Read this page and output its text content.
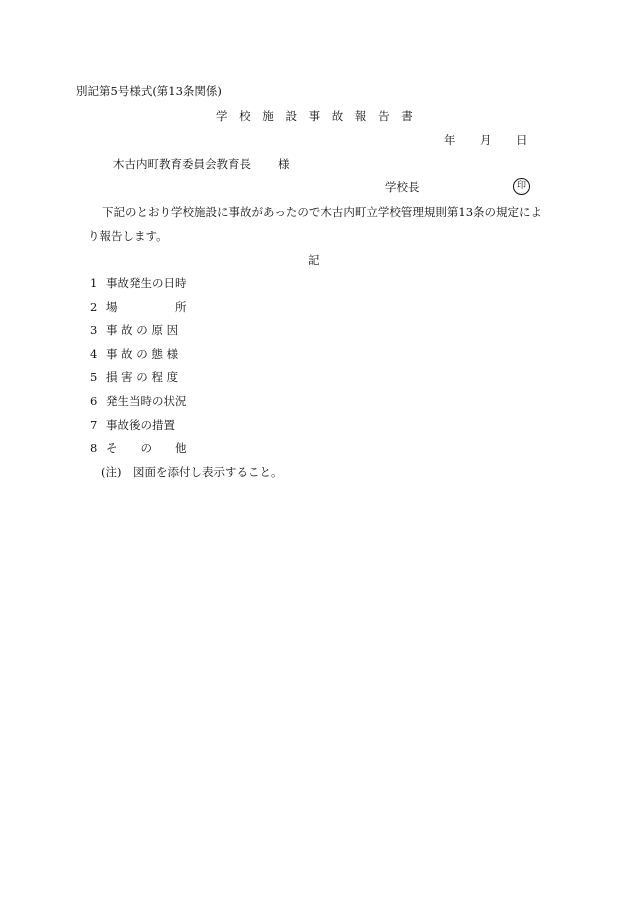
別記第5号様式(第13条関係)
学 校 施 設 事 故 報 告 書
年 月 日
木古内町教育委員会教育長 様
学校長	印
下記のとおり学校施設に事故があったので木古内町立学校管理規則第13条の規定によ
り報告します。
記
1 事故発生の日時
2 場　　　　　所
3 事 故 の 原 因
4 事 故 の 態 様
5 損 害 の 程 度
6 発生当時の状況
7 事故後の措置
8 そ　　の　　他
(注)　図面を添付し表示すること。
